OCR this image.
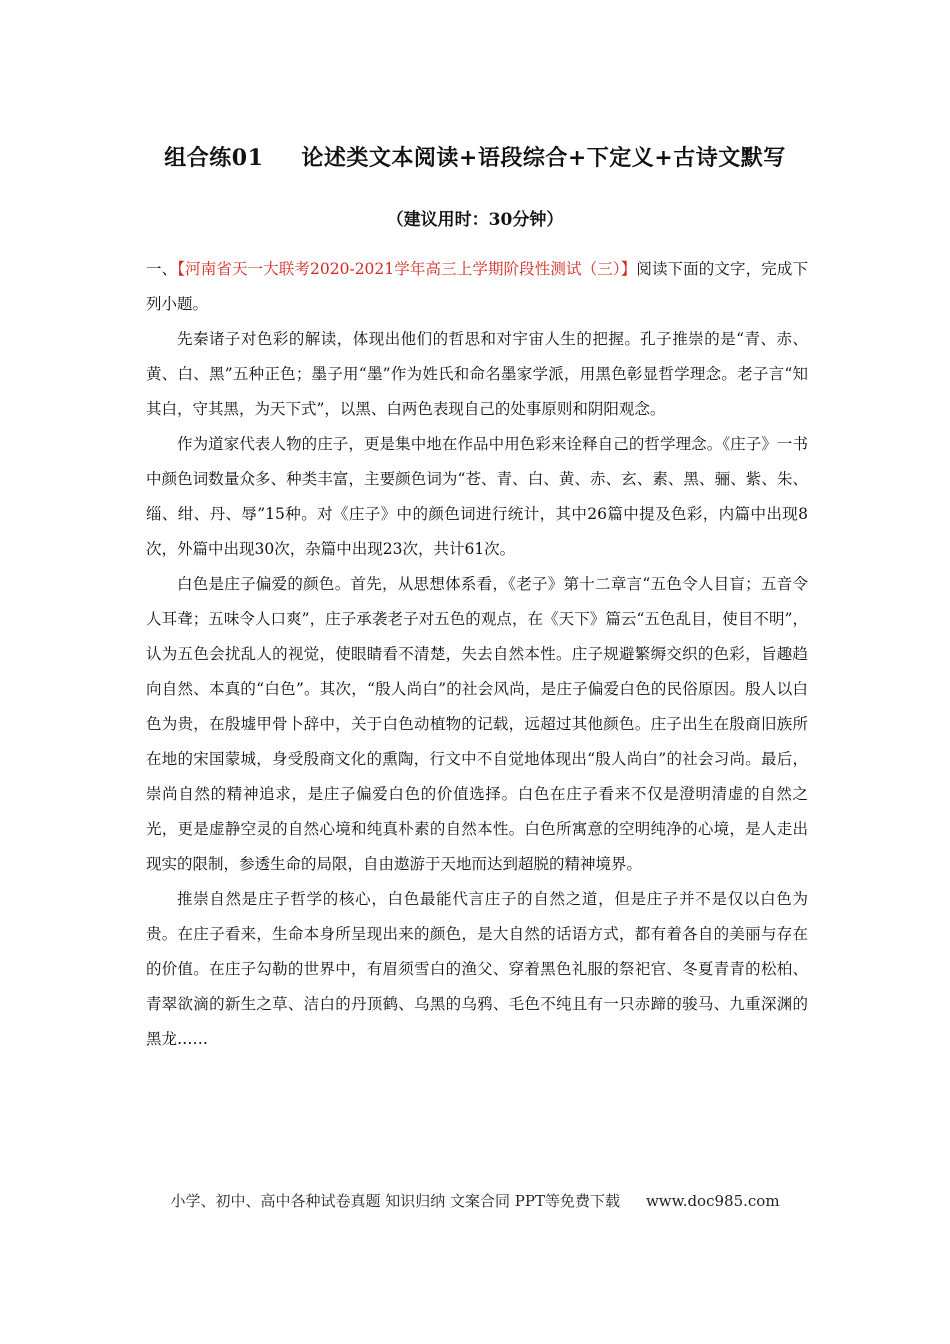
组合练01 论述类文本阅读+语段综合+下定义+古诗文默写
（建议用时：30分钟）

一、【河南省天一大联考2020-2021学年高三上学期阶段性测试（三）】阅读下面的文字，完成下列小题。

先秦诸子对色彩的解读，体现出他们的哲思和对宇宙人生的把握。孔子推崇的是“青、赤、黄、白、黑”五种正色；墨子用“墨”作为姓氏和命名墨家学派，用黑色彰显哲学理念。老子言“知其白，守其黑，为天下式”，以黑、白两色表现自己的处事原则和阴阳观念。

作为道家代表人物的庄子，更是集中地在作品中用色彩来诠释自己的哲学理念。《庄子》一书中颜色词数量众多、种类丰富，主要颜色词为“苍、青、白、黄、赤、玄、素、黑、骊、紫、朱、缁、绀、丹、辱”15种。对《庄子》中的颜色词进行统计，其中26篇中提及色彩，内篇中出现8次，外篇中出现30次，杂篇中出现23次，共计61次。

白色是庄子偏爱的颜色。首先，从思想体系看，《老子》第十二章言“五色令人目盲；五音令人耳聋；五味令人口爽”，庄子承袭老子对五色的观点，在《天下》篇云“五色乱目，使目不明”，认为五色会扰乱人的视觉，使眼睛看不清楚，失去自然本性。庄子规避繁缛交织的色彩，旨趣趋向自然、本真的“白色”。其次，“殷人尚白”的社会风尚，是庄子偏爱白色的民俗原因。殷人以白色为贵，在殷墟甲骨卜辞中，关于白色动植物的记载，远超过其他颜色。庄子出生在殷商旧族所在地的宋国蒙城，身受殷商文化的熏陶，行文中不自觉地体现出“殷人尚白”的社会习尚。最后，崇尚自然的精神追求，是庄子偏爱白色的价值选择。白色在庄子看来不仅是澄明清虚的自然之光，更是虚静空灵的自然心境和纯真朴素的自然本性。白色所寓意的空明纯净的心境，是人走出现实的限制，参透生命的局限，自由遨游于天地而达到超脱的精神境界。

推崇自然是庄子哲学的核心，白色最能代言庄子的自然之道，但是庄子并不是仅以白色为贵。在庄子看来，生命本身所呈现出来的颜色，是大自然的话语方式，都有着各自的美丽与存在的价值。在庄子勾勒的世界中，有眉须雪白的渔父、穿着黑色礼服的祭祀官、冬夏青青的松柏、青翠欲滴的新生之草、洁白的丹顶鹤、乌黑的乌鸦、毛色不纯且有一只赤蹄的骏马、九重深渊的黑龙……

小学、初中、高中各种试卷真题 知识归纳 文案合同 PPT等免费下载 www.doc985.com
